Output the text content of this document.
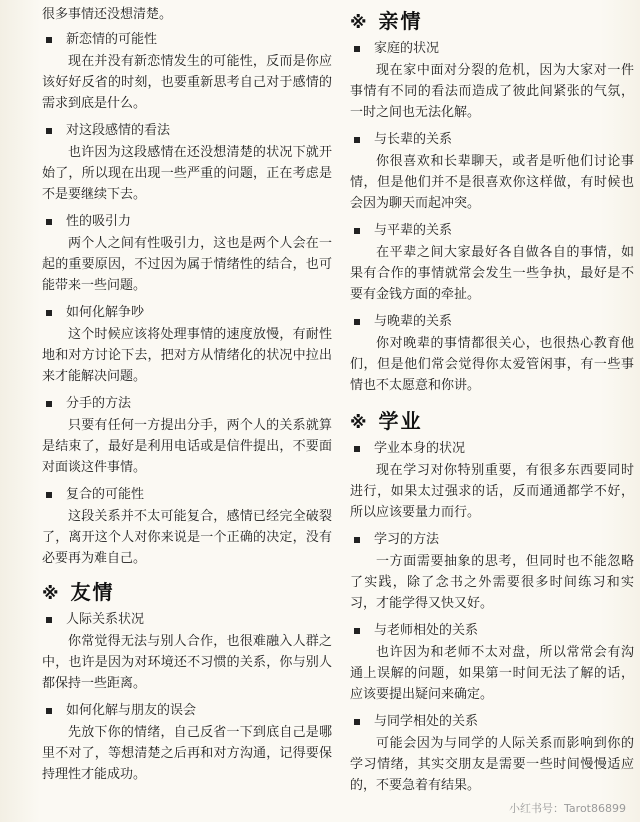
很多事情还没想清楚。

新恋情的可能性

现在并没有新恋情发生的可能性，反而是你应该好好反省的时刻，也要重新思考自己对于感情的需求到底是什么。

对这段感情的看法

也许因为这段感情在还没想清楚的状况下就开始了，所以现在出现一些严重的问题，正在考虑是不是要继续下去。

性的吸引力

两个人之间有性吸引力，这也是两个人会在一起的重要原因，不过因为属于情绪性的结合，也可能带来一些问题。

如何化解争吵

这个时候应该将处理事情的速度放慢，有耐性地和对方讨论下去，把对方从情绪化的状况中拉出来才能解决问题。

分手的方法

只要有任何一方提出分手，两个人的关系就算是结束了，最好是利用电话或是信件提出，不要面对面谈这件事情。

复合的可能性

这段关系并不太可能复合，感情已经完全破裂了，离开这个人对你来说是一个正确的决定，没有必要再为难自己。

※ 友情
人际关系状况

你常觉得无法与别人合作，也很难融入人群之中，也许是因为对环境还不习惯的关系，你与别人都保持一些距离。

如何化解与朋友的误会

先放下你的情绪，自己反省一下到底自己是哪里不对了，等想清楚之后再和对方沟通，记得要保持理性才能成功。

※ 亲情
家庭的状况

现在家中面对分裂的危机，因为大家对一件事情有不同的看法而造成了彼此间紧张的气氛，一时之间也无法化解。

与长辈的关系

你很喜欢和长辈聊天，或者是听他们讨论事情，但是他们并不是很喜欢你这样做，有时候也会因为聊天而起冲突。

与平辈的关系

在平辈之间大家最好各自做各自的事情，如果有合作的事情就常会发生一些争执，最好是不要有金钱方面的牵扯。

与晚辈的关系

你对晚辈的事情都很关心，也很热心教育他们，但是他们常会觉得你太爱管闲事，有一些事情也不太愿意和你讲。

※ 学业
学业本身的状况

现在学习对你特别重要，有很多东西要同时进行，如果太过强求的话，反而通通都学不好，所以应该要量力而行。

学习的方法

一方面需要抽象的思考，但同时也不能忽略了实践，除了念书之外需要很多时间练习和实习，才能学得又快又好。

与老师相处的关系

也许因为和老师不太对盘，所以常常会有沟通上误解的问题，如果第一时间无法了解的话，应该要提出疑问来确定。

与同学相处的关系

可能会因为与同学的人际关系而影响到你的学习情绪，其实交朋友是需要一些时间慢慢适应的，不要急着有结果。

小红书号：Tarot86899
